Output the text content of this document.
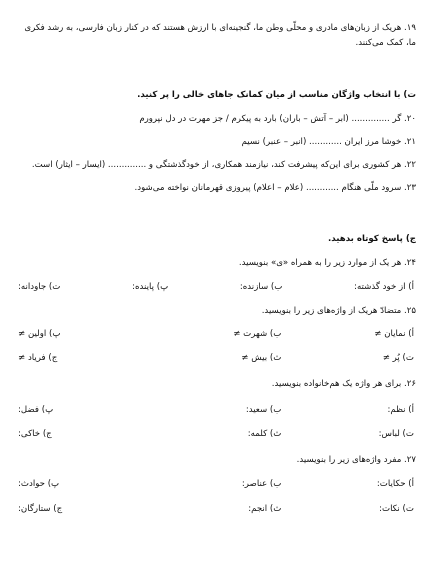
۱۹. هریک از زبان‌های مادری و محلّی وطن ما، گنجینه‌ای با ارزش هستند که در کنار زبان فارسی، به رشد فکری
ما، کمک می‌کنند.
ت) با انتخاب واژگان مناسب از میان کمانک جاهای خالی را پر کنید.
۲۰. گر .............. (ابر – آتش – باران) بارد به پیکرم / جز مهرت در دل نپرورم
۲۱. خوشا مرز ایران ............ (انبر – عنبر) نسیم
۲۲. هر کشوری برای این‌که پیشرفت کند، نیازمند همکاری، از خودگذشتگی و .............. (ایسار – ایثار) است.
۲۳. سرود ملّی هنگام ............ (علام – اعلام) پیروزی قهرمانان نواخته می‌شود.
ج) پاسخ کوتاه بدهید.
۲۴. هر یک از موارد زیر را به همراه «ی» بنویسید.
أ) از خود گذشته:
ب) سازنده:
پ) پاینده:
ت) جاودانه:
۲۵. متضادّ هریک از واژه‌های زیر را بنویسید.
أ) نمایان ≠
ب) شهرت ≠
پ) اولین ≠
ت) پُر ≠
ث) بیش ≠
ج) فریاد ≠
۲۶. برای هر واژه یک هم‌خانواده بنویسید.
أ) نظم:
ب) سعید:
پ) فضل:
ت) لباس:
ث) کلمه:
ج) خاکی:
۲۷. مفرد واژه‌های زیر را بنویسید.
أ) حکایات:
ب) عناصر:
پ) حوادث:
ت) نکات:
ث) انجم:
ج) ستارگان:
